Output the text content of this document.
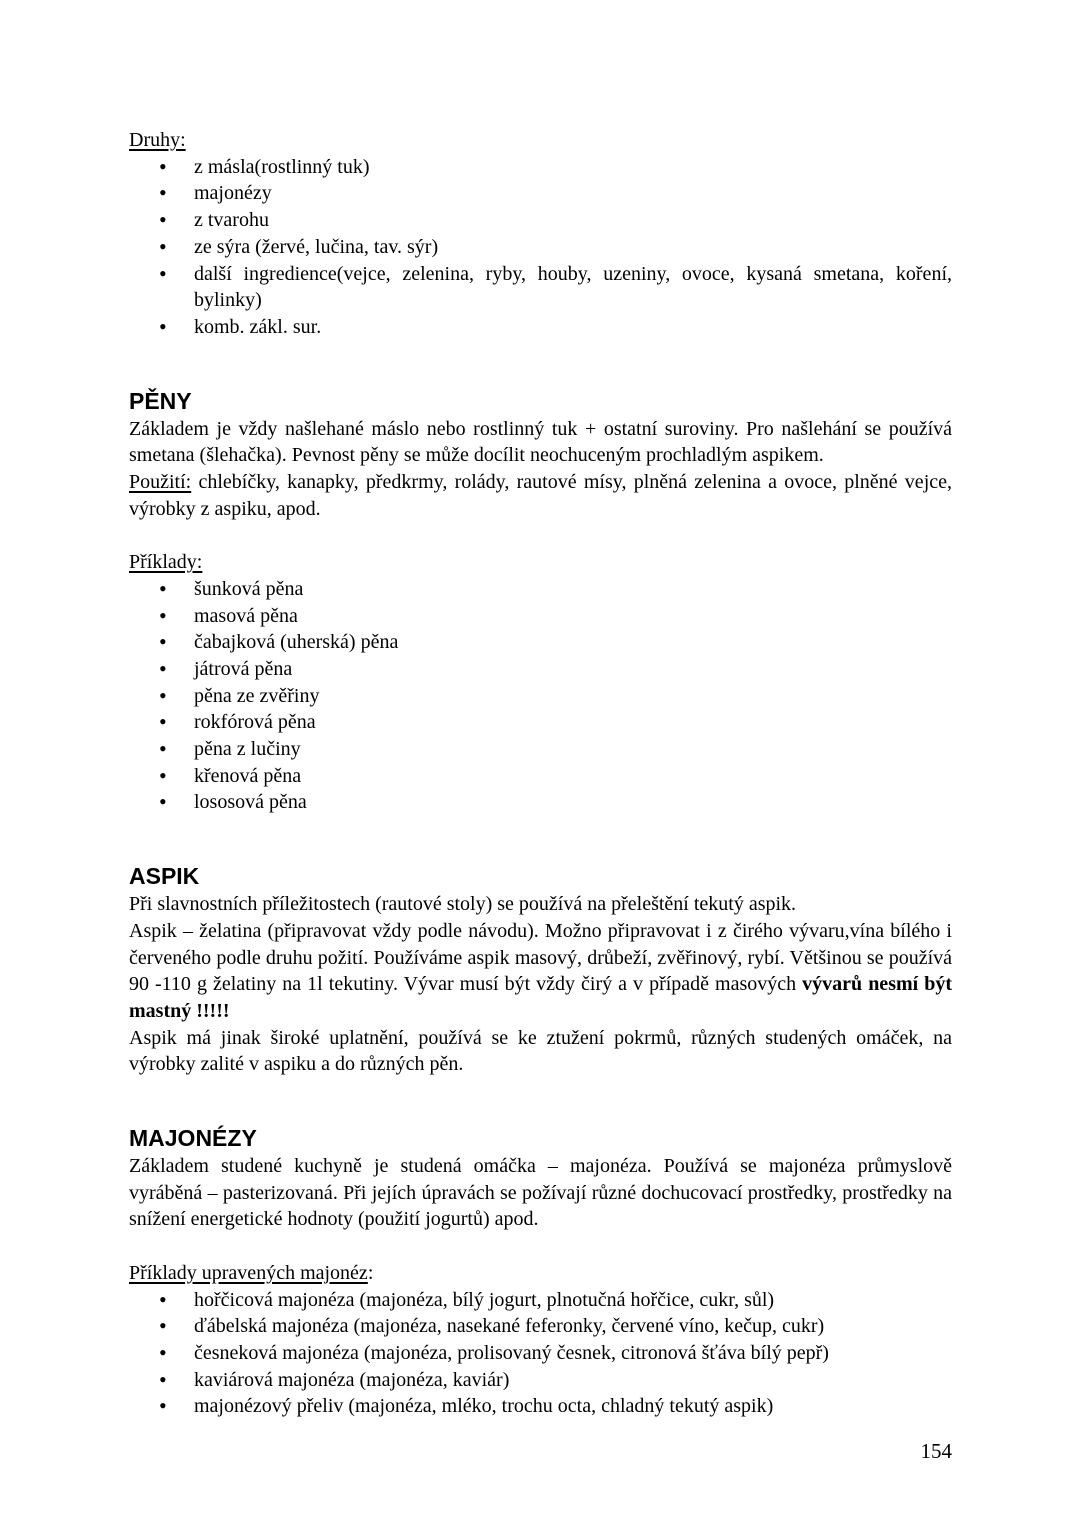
Druhy:

• z másla(rostlinný tuk)
• majonézy
• z tvarohu
• ze sýra (žervé, lučina, tav. sýr)
• další ingredience(vejce, zelenina, ryby, houby, uzeniny, ovoce, kysaná smetana, koření, bylinky)
• komb. zákl. sur.
PĚNY

Základem je vždy našlehané máslo nebo rostlinný tuk + ostatní suroviny. Pro našlehání se používá smetana (šlehačka). Pevnost pěny se může docílit neochuceným prochladlým aspikem.

Použití: chlebíčky, kanapky, předkrmy, rolády, rautové mísy, plněná zelenina a ovoce, plněné vejce, výrobky z aspiku, apod.

Příklady:

• šunková pěna
• masová pěna
• čabajková (uherská) pěna
• játrová pěna
• pěna ze zvěřiny
• rokfórová pěna
• pěna z lučiny
• křenová pěna
• lososová pěna
ASPIK

Při slavnostních příležitostech (rautové stoly) se používá na přeleštění tekutý aspik.

Aspik – želatina (připravovat vždy podle návodu). Možno připravovat i z čirého vývaru,vína bílého i červeného podle druhu požití. Používáme aspik masový, drůbeží, zvěřinový, rybí. Většinou se používá 90 -110 g želatiny na 1l tekutiny. Vývar musí být vždy čirý a v případě masových vývarů nesmí být mastný !!!!!

Aspik má jinak široké uplatnění, používá se ke ztužení pokrmů, různých studených omáček, na výrobky zalité v aspiku a do různých pěn.

MAJONÉZY

Základem studené kuchyně je studená omáčka – majonéza. Používá se majonéza průmyslově vyráběná – pasterizovaná. Při jejích úpravách se požívají různé dochucovací prostředky, prostředky na snížení energetické hodnoty (použití jogurtů) apod.

Příklady upravených majonéz:

• hořčicová majonéza (majonéza, bílý jogurt, plnotučná hořčice, cukr, sůl)
• ďábelská majonéza (majonéza, nasekané feferonky, červené víno, kečup, cukr)
• česneková majonéza (majonéza, prolisovaný česnek, citronová šťáva bílý pepř)
• kaviárová majonéza (majonéza, kaviár)
• majonézový přeliv (majonéza, mléko, trochu octa, chladný tekutý aspik)
154
